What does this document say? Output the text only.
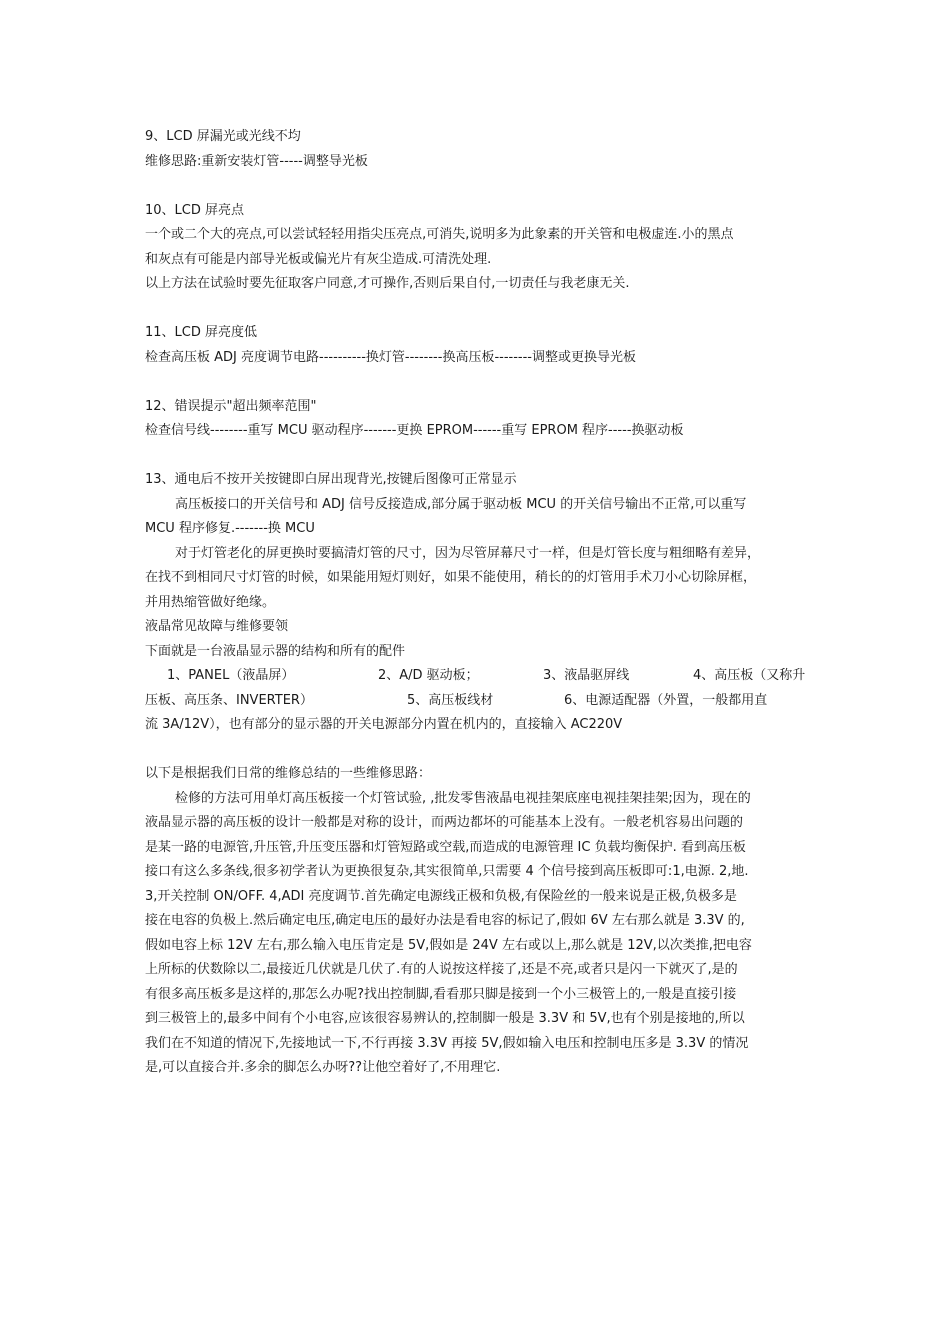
9、LCD 屏漏光或光线不均
维修思路:重新安装灯管-----调整导光板
10、LCD 屏亮点
一个或二个大的亮点,可以尝试轻轻用指尖压亮点,可消失,说明多为此象素的开关管和电极虚连.小的黑点
和灰点有可能是内部导光板或偏光片有灰尘造成.可清洗处理.
以上方法在试验时要先征取客户同意,才可操作,否则后果自付,一切责任与我老康无关.
11、LCD 屏亮度低
检查高压板 ADJ 亮度调节电路----------换灯管--------换高压板--------调整或更换导光板
12、错误提示"超出频率范围"
检查信号线--------重写 MCU 驱动程序-------更换 EPROM------重写 EPROM 程序-----换驱动板
13、通电后不按开关按键即白屏出现背光,按键后图像可正常显示
高压板接口的开关信号和 ADJ 信号反接造成,部分属于驱动板 MCU 的开关信号输出不正常,可以重写
MCU 程序修复.-------换 MCU
对于灯管老化的屏更换时要搞清灯管的尺寸，因为尽管屏幕尺寸一样，但是灯管长度与粗细略有差异，
在找不到相同尺寸灯管的时候，如果能用短灯则好，如果不能使用，稍长的的灯管用手术刀小心切除屏框，
并用热缩管做好绝缘。
液晶常见故障与维修要领
下面就是一台液晶显示器的结构和所有的配件
1、PANEL（液晶屏）	2、A/D 驱动板；	3、液晶驱屏线	4、高压板（又称升
压板、高压条、INVERTER）	5、高压板线材	6、电源适配器（外置，一般都用直
流 3A/12V），也有部分的显示器的开关电源部分内置在机内的，直接输入 AC220V
以下是根据我们日常的维修总结的一些维修思路：
检修的方法可用单灯高压板接一个灯管试验, ,批发零售液晶电视挂架底座电视挂架挂架;因为，现在的
液晶显示器的高压板的设计一般都是对称的设计，而两边都坏的可能基本上没有。一般老机容易出问题的
是某一路的电源管,升压管,升压变压器和灯管短路或空载,而造成的电源管理 IC 负载均衡保护. 看到高压板
接口有这么多条线,很多初学者认为更换很复杂,其实很简单,只需要 4 个信号接到高压板即可:1,电源. 2,地.
3,开关控制 ON/OFF. 4,ADI 亮度调节.首先确定电源线正极和负极,有保险丝的一般来说是正极,负极多是
接在电容的负极上.然后确定电压,确定电压的最好办法是看电容的标记了,假如 6V 左右那么就是 3.3V 的,
假如电容上标 12V 左右,那么输入电压肯定是 5V,假如是 24V 左右或以上,那么就是 12V,以次类推,把电容
上所标的伏数除以二,最接近几伏就是几伏了.有的人说按这样接了,还是不亮,或者只是闪一下就灭了,是的
有很多高压板多是这样的,那怎么办呢?找出控制脚,看看那只脚是接到一个小三极管上的,一般是直接引接
到三极管上的,最多中间有个小电容,应该很容易辨认的,控制脚一般是 3.3V 和 5V,也有个别是接地的,所以
我们在不知道的情况下,先接地试一下,不行再接 3.3V 再接 5V,假如输入电压和控制电压多是 3.3V 的情况
是,可以直接合并.多余的脚怎么办呀??让他空着好了,不用理它.
